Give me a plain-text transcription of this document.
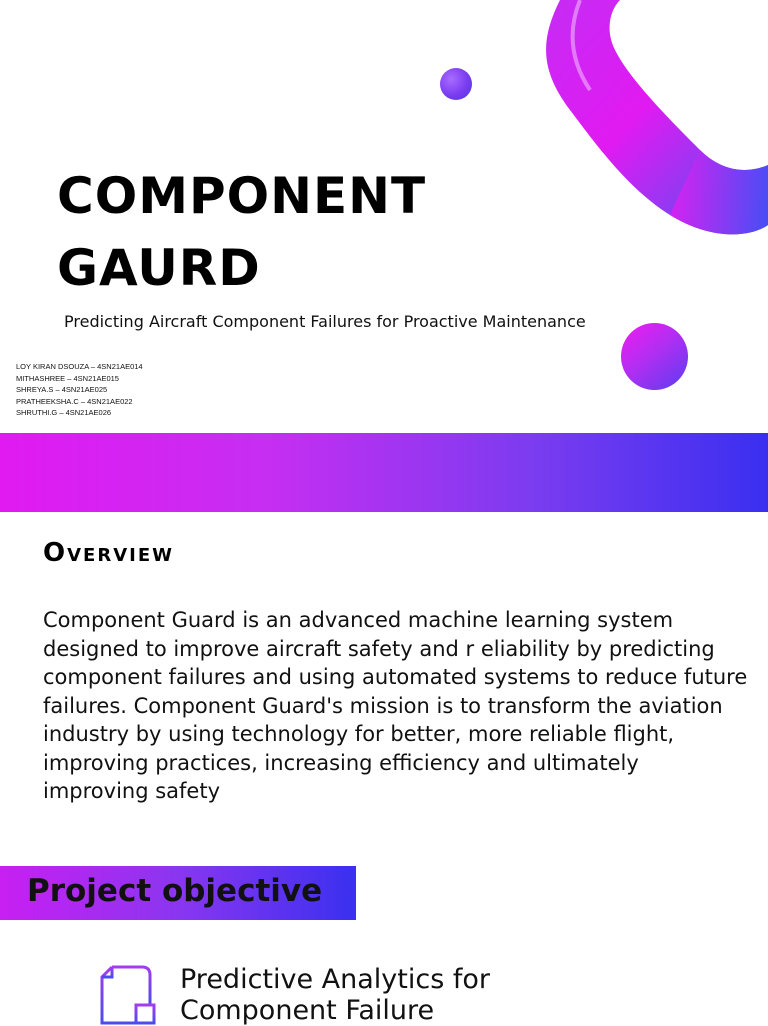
COMPONENT
GAURD
Predicting Aircraft Component Failures for Proactive Maintenance
LOY KIRAN DSOUZA – 4SN21AE014
MITHASHREE – 4SN21AE015
SHREYA.S – 4SN21AE025
PRATHEEKSHA.C – 4SN21AE022
SHRUTHI.G – 4SN21AE026
Overview
Component Guard is an advanced machine learning system designed to improve aircraft safety and r eliability by predicting component failures and using automated systems to reduce future failures. Component Guard's mission is to transform the aviation industry by using technology for better, more reliable flight, improving practices, increasing efficiency and ultimately improving safety
Project objective
Predictive Analytics for Component Failure
